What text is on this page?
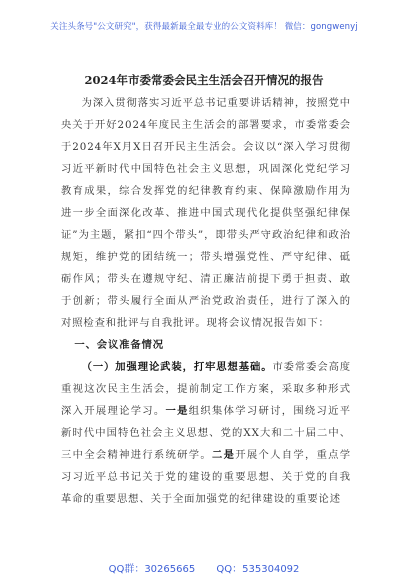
关注头条号"公文研究"，获得最新最全最专业的公文资料库！ 微信：gongwenyj
2024年市委常委会民主生活会召开情况的报告

为深入贯彻落实习近平总书记重要讲话精神，按照党中央关于开好2024年度民主生活会的部署要求，市委常委会于2024年X月X日召开民主生活会。会议以“深入学习贯彻习近平新时代中国特色社会主义思想，巩固深化党纪学习教育成果，综合发挥党的纪律教育约束、保障激励作用为进一步全面深化改革、推进中国式现代化提供坚强纪律保证”为主题，紧扣“四个带头”，即带头严守政治纪律和政治规矩，维护党的团结统一；带头增强党性、严守纪律、砥砺作风；带头在遵规守纪、清正廉洁前提下勇于担责、敢于创新；带头履行全面从严治党政治责任，进行了深入的对照检查和批评与自我批评。现将会议情况报告如下：

一、会议准备情况

（一）加强理论武装，打牢思想基础。市委常委会高度重视这次民主生活会，提前制定工作方案，采取多种形式深入开展理论学习。一是组织集体学习研讨，围绕习近平新时代中国特色社会主义思想、党的XX大和二十届二中、三中全会精神进行系统研学。二是开展个人自学，重点学习习近平总书记关于党的建设的重要思想、关于党的自我革命的重要思想、关于全面加强党的纪律建设的重要论述

QQ群：30265665 QQ：535304092
